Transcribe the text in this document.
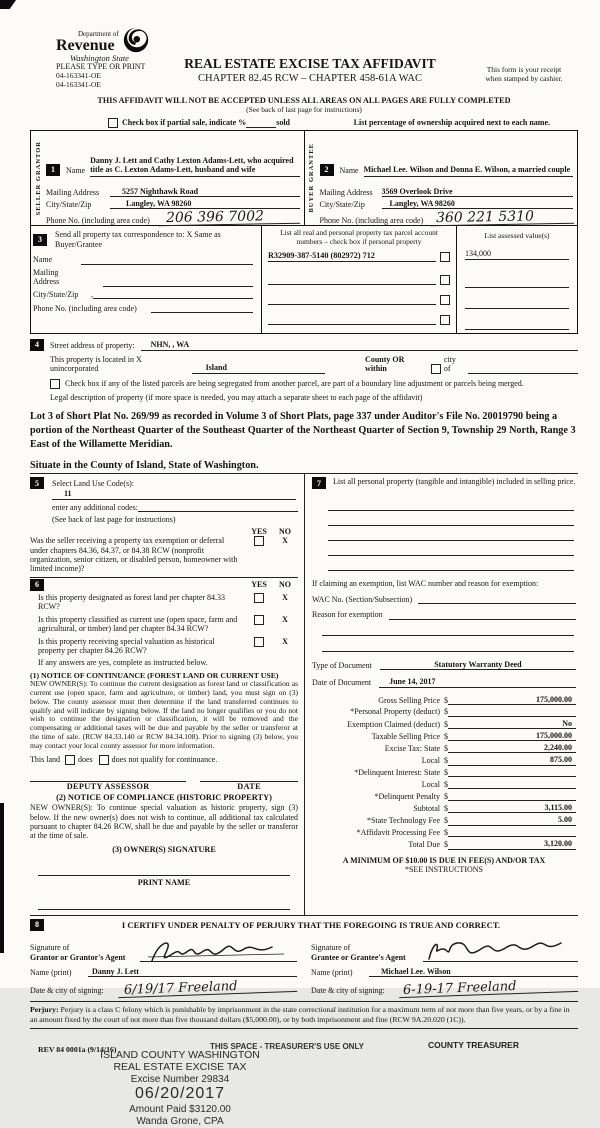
Department of
Revenue
Washington State
PLEASE TYPE OR PRINT
04-163341-OE
04-163341-OE
REAL ESTATE EXCISE TAX AFFIDAVIT
CHAPTER 82.45 RCW – CHAPTER 458-61A WAC
This form is your receipt
when stamped by cashier.
THIS AFFIDAVIT WILL NOT BE ACCEPTED UNLESS ALL AREAS ON ALL PAGES ARE FULLY COMPLETED
(See back of last page for instructions)
Check box if partial sale, indicate %	sold	List percentage of ownership acquired next to each name.
SELLER GRANTOR	1	Name
Danny J. Lett and Cathy Lexton Adams-Lett, who acquired title as C. Lexton Adams-Lett, husband and wife
Mailing Address	5257 Nighthawk Road
City/State/Zip	Langley, WA 98260
Phone No. (including area code)	206 396 7002
BUYER GRANTEE	2	Name Michael Lee. Wilson and Donna E. Wilson, a married couple
Mailing Address	3569 Overlook Drive
City/State/Zip	Langley, WA 98260
Phone No. (including area code) 360 221 5310
3
Send all property tax correspondence to: X Same as Buyer/Grantee
Name
Mailing
Address
City/State/Zip	,
Phone No. (including area code)
List all real and personal property tax parcel account numbers – check box if personal property
R32909-387-5140 (802972) 712
List assessed value(s)
134,000
4	Street address of property:	NHN, , WA
This property is located in X unincorporated	Island
County OR within
city of
Check box if any of the listed parcels are being segregated from another parcel, are part of a boundary line adjustment or parcels being merged.
Legal description of property (if more space is needed, you may attach a separate sheet to each page of the affidavit)
Lot 3 of Short Plat No. 269/99 as recorded in Volume 3 of Short Plats, page 337 under Auditor's File No. 20019790 being a portion of the Northeast Quarter of the Southeast Quarter of the Northeast Quarter of Section 9, Township 29 North, Range 3 East of the Willamette Meridian.
Situate in the County of Island, State of Washington.
5	Select Land Use Code(s):
11
enter any additional codes:
(See back of last page for instructions)
YES	NO
Was the seller receiving a property tax exemption or deferral under chapters 84.36, 84.37, or 84.38 RCW (nonprofit organization, senior citizen, or disabled person, homeowner with limited income)?
X
6	YES	NO
Is this property designated as forest land per chapter 84.33 RCW?
X
Is this property classified as current use (open space, farm and agricultural, or timber) land per chapter 84.34 RCW?
X
Is this property receiving special valuation as historical property per chapter 84.26 RCW?
X
If any answers are yes, complete as instructed below.
(1) NOTICE OF CONTINUANCE (FOREST LAND OR CURRENT USE)
NEW OWNER(S): To continue the current designation as forest land or classification as current use (open space, farm and agriculture, or timber) land, you must sign on (3) below. The county assessor must then determine if the land transferred continues to qualify and will indicate by signing below. If the land no longer qualifies or you do not wish to continue the designation or classification, it will be removed and the compensating or additional taxes will be due and payable by the seller or transferor at the time of sale. (RCW 84.33.140 or RCW 84.34.108). Prior to signing (3) below, you may contact your local county assessor for more information.
This land does does not qualify for continuance.
DEPUTY ASSESSOR	DATE
(2) NOTICE OF COMPLIANCE (HISTORIC PROPERTY)
NEW OWNER(S): To continue special valuation as historic property, sign (3) below. If the new owner(s) does not wish to continue, all additional tax calculated pursuant to chapter 84.26 RCW, shall be due and payable by the seller or transferor at the time of sale.
(3) OWNER(S) SIGNATURE
PRINT NAME
7	List all personal property (tangible and intangible) included in selling price.
If claiming an exemption, list WAC number and reason for exemption:
WAC No. (Section/Subsection)
Reason for exemption
Type of Document	Statutory Warranty Deed
Date of Document	June 14, 2017
Gross Selling Price $	175,000.00
*Personal Property (deduct) $
Exemption Claimed (deduct) $	No
Taxable Selling Price $	175,000.00
Excise Tax: State $	2,240.00
Local $	875.00
*Delinquent Interest: State $
Local $
*Delinquent Penalty $
Subtotal $	3,115.00
*State Technology Fee $	5.00
*Affidavit Processing Fee $
Total Due $	3,120.00
A MINIMUM OF $10.00 IS DUE IN FEE(S) AND/OR TAX
*SEE INSTRUCTIONS
8	I CERTIFY UNDER PENALTY OF PERJURY THAT THE FOREGOING IS TRUE AND CORRECT.
Signature of
Grantor or Grantor's Agent
Name (print)	Danny J. Lett
Date & city of signing:	6/19/17 Freeland
Signature of
Grantee or Grantee's Agent
Name (print)	Michael Lee. Wilson
Date & city of signing:	6-19-17 Freeland
Perjury: Perjury is a class C felony which is punishable by imprisonment in the state correctional institution for a maximum term of not more than five years, or by a fine in an amount fixed by the court of not more than five thousand dollars ($5,000.00), or by both imprisonment and fine (RCW 9A.20.020 (1C)).
REV 84 0001a (9/14/16)	THIS SPACE - TREASURER'S USE ONLY	COUNTY TREASURER
ISLAND COUNTY WASHINGTON
REAL ESTATE EXCISE TAX
Excise Number 29834
06/20/2017
Amount Paid $3120.00
Wanda Grone, CPA
